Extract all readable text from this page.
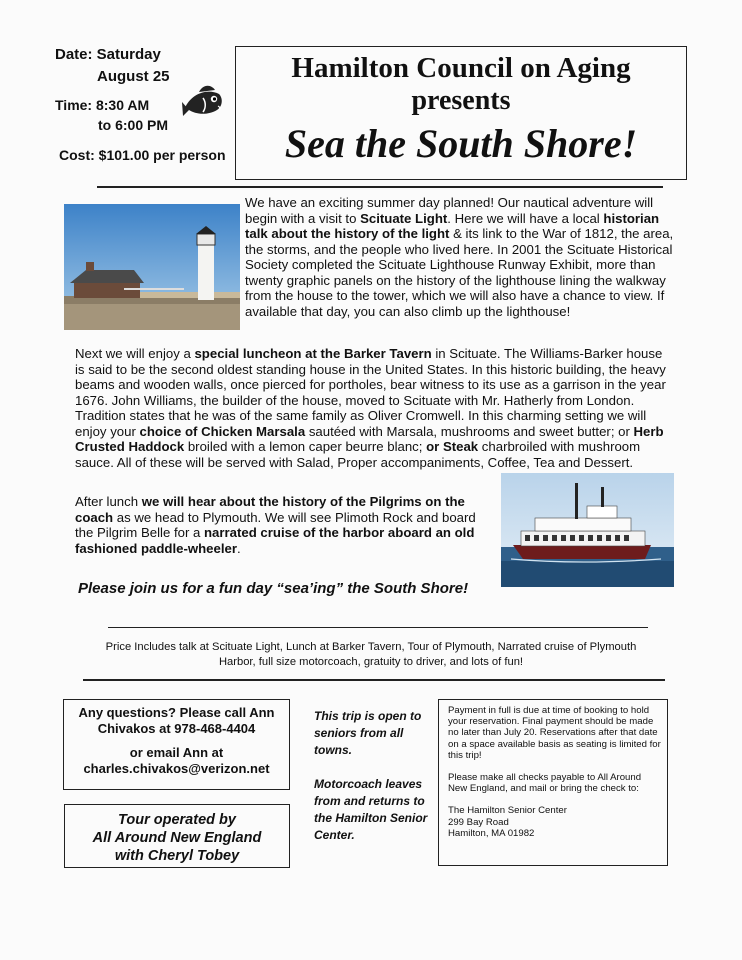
Date: Saturday
August 25
Time: 8:30 AM
to 6:00 PM
Cost: $101.00 per person
Hamilton Council on Aging
presents
Sea the South Shore!
We have an exciting summer day planned! Our nautical adventure will begin with a visit to Scituate Light. Here we will have a local historian talk about the history of the light & its link to the War of 1812, the area, the storms, and the people who lived here. In 2001 the Scituate Historical Society completed the Scituate Lighthouse Runway Exhibit, more than twenty graphic panels on the history of the lighthouse lining the walkway from the house to the tower, which we will also have a chance to view. If available that day, you can also climb up the lighthouse!
Next we will enjoy a special luncheon at the Barker Tavern in Scituate. The Williams-Barker house is said to be the second oldest standing house in the United States. In this historic building, the heavy beams and wooden walls, once pierced for portholes, bear witness to its use as a garrison in the year 1676. John Williams, the builder of the house, moved to Scituate with Mr. Hatherly from London. Tradition states that he was of the same family as Oliver Cromwell. In this charming setting we will enjoy your choice of Chicken Marsala sautéed with Marsala, mushrooms and sweet butter; or Herb Crusted Haddock broiled with a lemon caper beurre blanc; or Steak charbroiled with mushroom sauce. All of these will be served with Salad, Proper accompaniments, Coffee, Tea and Dessert.
After lunch we will hear about the history of the Pilgrims on the coach as we head to Plymouth. We will see Plimoth Rock and board the Pilgrim Belle for a narrated cruise of the harbor aboard an old fashioned paddle-wheeler.
Please join us for a fun day “sea’ing” the South Shore!
Price Includes talk at Scituate Light, Lunch at Barker Tavern, Tour of Plymouth, Narrated cruise of Plymouth Harbor, full size motorcoach, gratuity to driver, and lots of fun!
Any questions? Please call Ann
Chivakos at 978-468-4404
or email Ann at
charles.chivakos@verizon.net
Tour operated by
All Around New England
with Cheryl Tobey
This trip is open to seniors from all towns.
Motorcoach leaves from and returns to the Hamilton Senior Center.
Payment in full is due at time of booking to hold your reservation. Final payment should be made no later than July 20. Reservations after that date on a space available basis as seating is limited for this trip!
Please make all checks payable to All Around New England, and mail or bring the check to:
The Hamilton Senior Center
299 Bay Road
Hamilton, MA 01982
